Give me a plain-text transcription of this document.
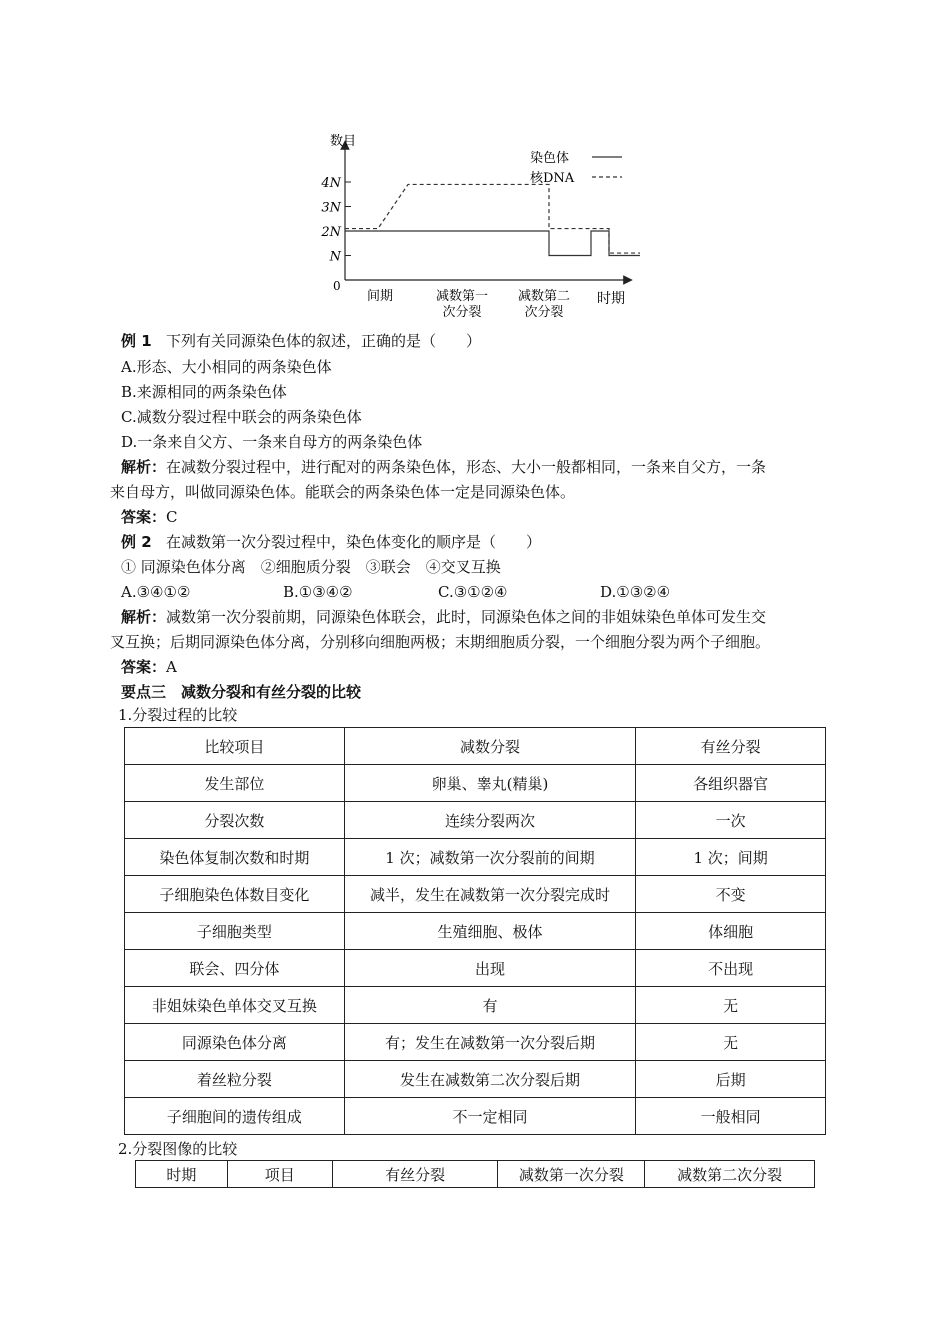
数目
0
N
2N
3N
4N
间期	减数第一
次分裂
减数第二
次分裂
时期
染色体
核DNA
例 1 下列有关同源染色体的叙述，正确的是（　　）
A.形态、大小相同的两条染色体
B.来源相同的两条染色体
C.减数分裂过程中联会的两条染色体
D.一条来自父方、一条来自母方的两条染色体
解析：在减数分裂过程中，进行配对的两条染色体，形态、大小一般都相同，一条来自父方，一条
来自母方，叫做同源染色体。能联会的两条染色体一定是同源染色体。
答案：C
例 2 在减数第一次分裂过程中，染色体变化的顺序是（　　）
① 同源染色体分离　②细胞质分裂　③联会　④交叉互换
A.③④①②	B.①③④②	C.③①②④	D.①③②④
解析：减数第一次分裂前期，同源染色体联会，此时，同源染色体之间的非姐妹染色单体可发生交
叉互换；后期同源染色体分离，分别移向细胞两极；末期细胞质分裂，一个细胞分裂为两个子细胞。
答案：A
要点三　减数分裂和有丝分裂的比较
1.分裂过程的比较
比较项目	减数分裂	有丝分裂
发生部位	卵巢、睾丸(精巢)	各组织器官
分裂次数	连续分裂两次	一次
染色体复制次数和时期	1 次；减数第一次分裂前的间期	1 次；间期
子细胞染色体数目变化	减半，发生在减数第一次分裂完成时	不变
子细胞类型	生殖细胞、极体	体细胞
联会、四分体	出现	不出现
非姐妹染色单体交叉互换	有	无
同源染色体分离	有；发生在减数第一次分裂后期	无
着丝粒分裂	发生在减数第二次分裂后期	后期
子细胞间的遗传组成	不一定相同	一般相同
2.分裂图像的比较
时期	项目	有丝分裂	减数第一次分裂	减数第二次分裂
